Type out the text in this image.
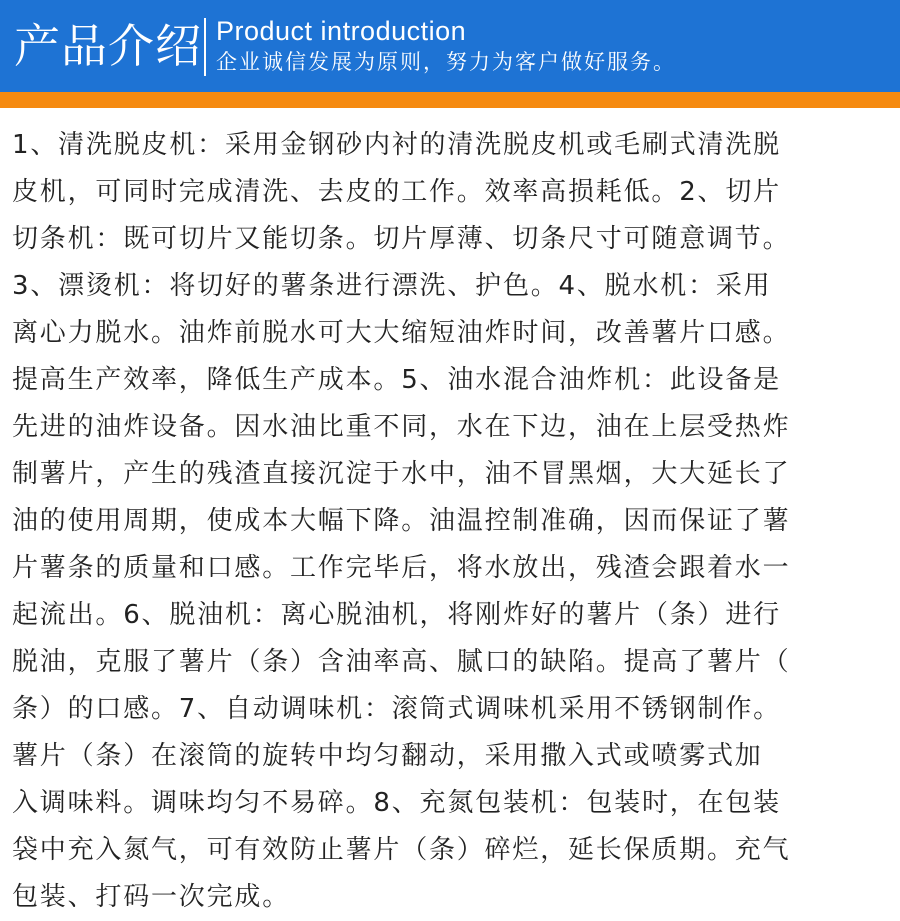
产品介绍 Product introduction
企业诚信发展为原则，努力为客户做好服务。
1、清洗脱皮机：采用金钢砂内衬的清洗脱皮机或毛刷式清洗脱
皮机，可同时完成清洗、去皮的工作。效率高损耗低。2、切片
切条机：既可切片又能切条。切片厚薄、切条尺寸可随意调节。
3、漂烫机：将切好的薯条进行漂洗、护色。4、脱水机：采用
离心力脱水。油炸前脱水可大大缩短油炸时间，改善薯片口感。
提高生产效率，降低生产成本。5、油水混合油炸机：此设备是
先进的油炸设备。因水油比重不同，水在下边，油在上层受热炸
制薯片，产生的残渣直接沉淀于水中，油不冒黑烟，大大延长了
油的使用周期，使成本大幅下降。油温控制准确，因而保证了薯
片薯条的质量和口感。工作完毕后，将水放出，残渣会跟着水一
起流出。6、脱油机：离心脱油机，将刚炸好的薯片（条）进行
脱油，克服了薯片（条）含油率高、腻口的缺陷。提高了薯片（
条）的口感。7、自动调味机：滚筒式调味机采用不锈钢制作。
薯片（条）在滚筒的旋转中均匀翻动，采用撒入式或喷雾式加
入调味料。调味均匀不易碎。8、充氮包装机：包装时，在包装
袋中充入氮气，可有效防止薯片（条）碎烂，延长保质期。充气
包装、打码一次完成。
